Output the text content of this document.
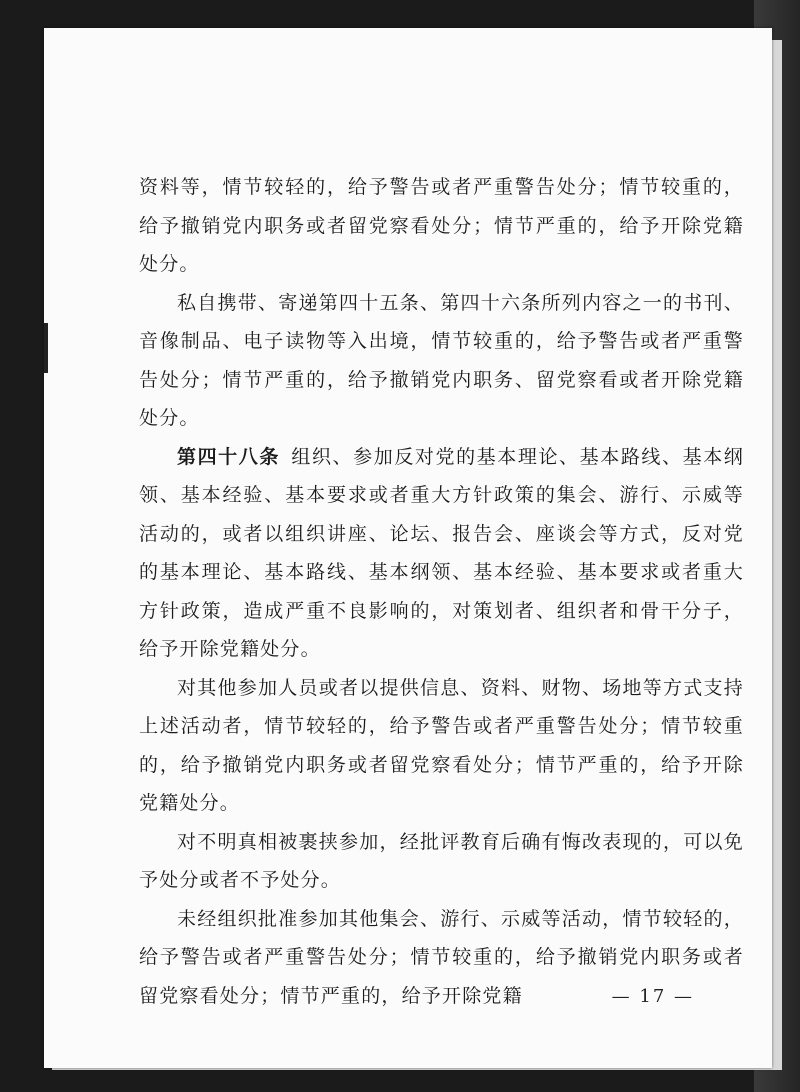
资料等，情节较轻的，给予警告或者严重警告处分；情节较重的，给予撤销党内职务或者留党察看处分；情节严重的，给予开除党籍处分。

私自携带、寄递第四十五条、第四十六条所列内容之一的书刊、音像制品、电子读物等入出境，情节较重的，给予警告或者严重警告处分；情节严重的，给予撤销党内职务、留党察看或者开除党籍处分。

第四十八条 组织、参加反对党的基本理论、基本路线、基本纲领、基本经验、基本要求或者重大方针政策的集会、游行、示威等活动的，或者以组织讲座、论坛、报告会、座谈会等方式，反对党的基本理论、基本路线、基本纲领、基本经验、基本要求或者重大方针政策，造成严重不良影响的，对策划者、组织者和骨干分子，给予开除党籍处分。

对其他参加人员或者以提供信息、资料、财物、场地等方式支持上述活动者，情节较轻的，给予警告或者严重警告处分；情节较重的，给予撤销党内职务或者留党察看处分；情节严重的，给予开除党籍处分。

对不明真相被裹挟参加，经批评教育后确有悔改表现的，可以免予处分或者不予处分。

未经组织批准参加其他集会、游行、示威等活动，情节较轻的，给予警告或者严重警告处分；情节较重的，给予撤销党内职务或者留党察看处分；情节严重的，给予开除党籍	— 17 —
